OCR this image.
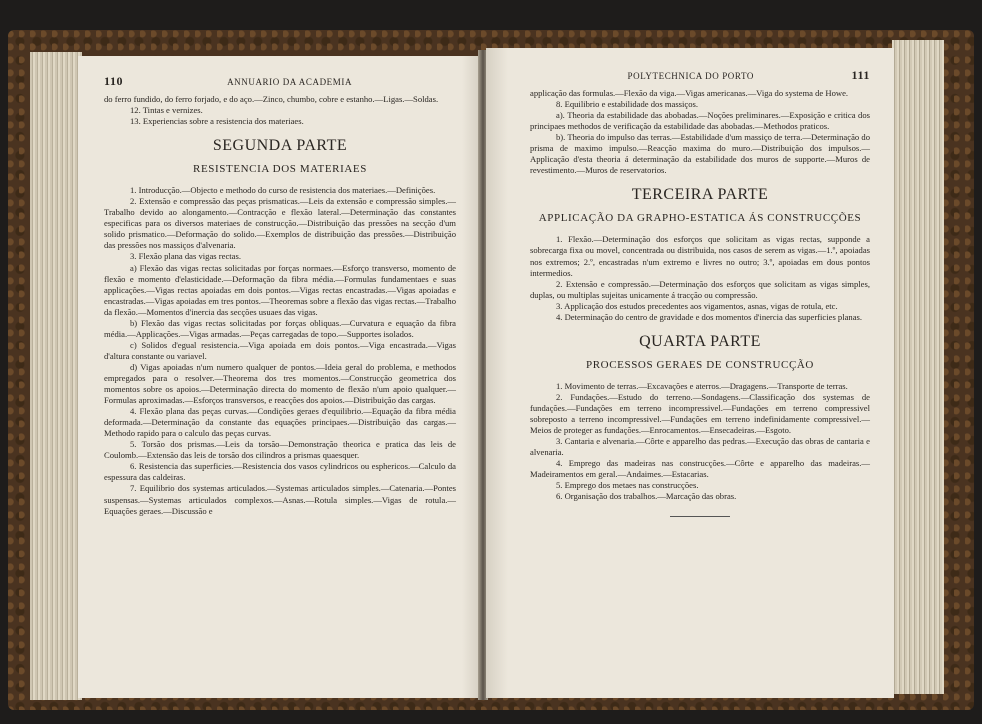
110	ANNUARIO DA ACADEMIA

do ferro fundido, do ferro forjado, e do aço.—Zinco, chumbo, cobre e estanho.—Ligas.—Soldas.

12. Tintas e vernizes.

13. Experiencias sobre a resistencia dos materiaes.

SEGUNDA PARTE
RESISTENCIA DOS MATERIAES

1. Introducção.—Objecto e methodo do curso de resistencia dos materiaes.—Definições.

2. Extensão e compressão das peças prismaticas.—Leis da extensão e compressão simples.—Trabalho devido ao alongamento.—Contracção e flexão lateral.—Determinação das constantes especificas para os diversos materiaes de construcção.—Distribuição das pressões na secção d'um solido prismatico.—Deformação do solido.—Exemplos de distribuição das pressões.—Distribuição das pressões nos massiços d'alvenaria.

3. Flexão plana das vigas rectas.

a) Flexão das vigas rectas solicitadas por forças normaes.—Esforço transverso, momento de flexão e momento d'elasticidade.—Deformação da fibra média.—Formulas fundamentaes e suas applicações.—Vigas rectas apoiadas em dois pontos.—Vigas rectas encastradas.—Vigas apoiadas e encastradas.—Vigas apoiadas em tres pontos.—Theoremas sobre a flexão das vigas rectas.—Trabalho da flexão.—Momentos d'inercia das secções usuaes das vigas.

b) Flexão das vigas rectas solicitadas por forças obliquas.—Curvatura e equação da fibra média.—Applicações.—Vigas armadas.—Peças carregadas de topo.—Supportes isolados.

c) Solidos d'egual resistencia.—Viga apoiada em dois pontos.—Viga encastrada.—Vigas d'altura constante ou variavel.

d) Vigas apoiadas n'um numero qualquer de pontos.—Ideia geral do problema, e methodos empregados para o resolver.—Theorema dos tres momentos.—Construcção geometrica dos momentos sobre os apoios.—Determinação directa do momento de flexão n'um apoio qualquer.—Formulas aproximadas.—Esforços transversos, e reacções dos apoios.—Distribuição das cargas.

4. Flexão plana das peças curvas.—Condições geraes d'equilibrio.—Equação da fibra média deformada.—Determinação da constante das equações principaes.—Distribuição das cargas.—Methodo rapido para o calculo das peças curvas.

5. Torsão dos prismas.—Leis da torsão—Demonstração theorica e pratica das leis de Coulomb.—Extensão das leis de torsão dos cilindros a prismas quaesquer.

6. Resistencia das superficies.—Resistencia dos vasos cylindricos ou esphericos.—Calculo da espessura das caldeiras.

7. Equilibrio dos systemas articulados.—Systemas articulados simples.—Catenaria.—Pontes suspensas.—Systemas articulados complexos.—Asnas.—Rotula simples.—Vigas de rotula.—Equações geraes.—Discussão e

POLYTECHNICA DO PORTO	111

applicação das formulas.—Flexão da viga.—Vigas americanas.—Viga do systema de Howe.

8. Equilibrio e estabilidade dos massiços.

a). Theoria da estabilidade das abobadas.—Noções preliminares.—Exposição e critica dos principaes methodos de verificação da estabilidade das abobadas.—Methodos praticos.

b). Theoria do impulso das terras.—Estabilidade d'um massiço de terra.—Determinação do prisma de maximo impulso.—Reacção maxima do muro.—Distribuição dos impulsos.—Applicação d'esta theoria á determinação da estabilidade dos muros de supporte.—Muros de revestimento.—Muros de reservatorios.

TERCEIRA PARTE
APPLICAÇÃO DA GRAPHO-ESTATICA ÁS CONSTRUCÇÕES

1. Flexão.—Determinação dos esforços que solicitam as vigas rectas, supponde a sobrecarga fixa ou movel, concentrada ou distribuida, nos casos de serem as vigas.—1.º, apoiadas nos extremos; 2.º, encastradas n'um extremo e livres no outro; 3.º, apoiadas em dous pontos intermedios.

2. Extensão e compressão.—Determinação dos esforços que solicitam as vigas simples, duplas, ou multiplas sujeitas unicamente á tracção ou compressão.

3. Applicação dos estudos precedentes aos vigamentos, asnas, vigas de rotula, etc.

4. Determinação do centro de gravidade e dos momentos d'inercia das superficies planas.

QUARTA PARTE
PROCESSOS GERAES DE CONSTRUCÇÃO

1. Movimento de terras.—Excavações e aterros.—Dragagens.—Transporte de terras.

2. Fundações.—Estudo do terreno.—Sondagens.—Classificação dos systemas de fundações.—Fundações em terreno incompressivel.—Fundações em terreno compressivel sobreposto a terreno incompressivel.—Fundações em terreno indefinidamente compressivel.—Meios de proteger as fundações.—Enrocamentos.—Ensecadeiras.—Esgoto.

3. Cantaria e alvenaria.—Côrte e apparelho das pedras.—Execução das obras de cantaria e alvenaria.

4. Emprego das madeiras nas construcções.—Côrte e apparelho das madeiras.—Madeiramentos em geral.—Andaimes.—Estacarias.

5. Emprego dos metaes nas construcções.

6. Organisação dos trabalhos.—Marcação das obras.
